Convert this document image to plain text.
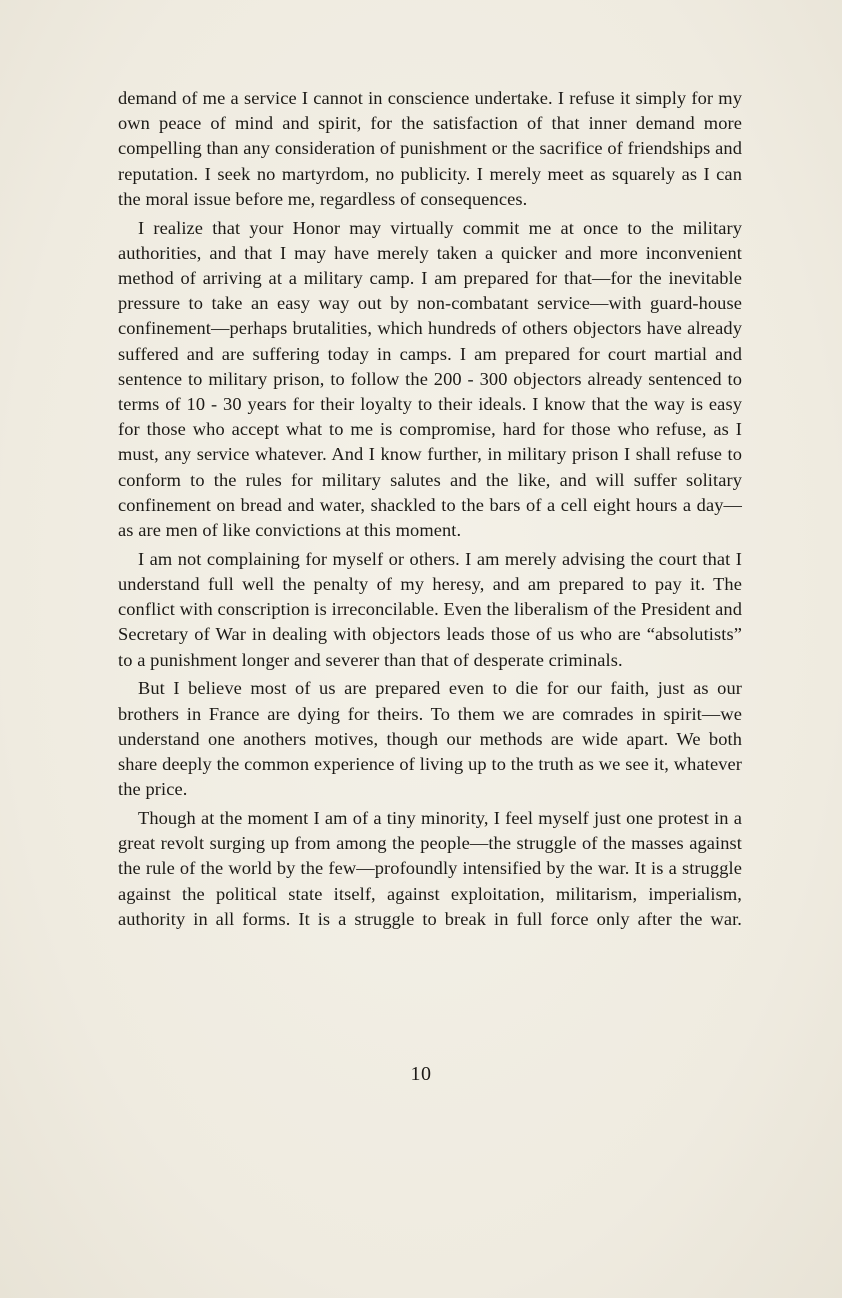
demand of me a service I cannot in conscience undertake. I refuse it simply for my own peace of mind and spirit, for the satisfaction of that inner demand more compelling than any consideration of punishment or the sacrifice of friendships and reputation. I seek no martyrdom, no publicity. I merely meet as squarely as I can the moral issue before me, regardless of consequences.

I realize that your Honor may virtually commit me at once to the military authorities, and that I may have merely taken a quicker and more inconvenient method of arriving at a military camp. I am prepared for that—for the inevitable pressure to take an easy way out by non-combatant service—with guard-house confinement—perhaps brutalities, which hundreds of others objectors have already suffered and are suffering today in camps. I am prepared for court martial and sentence to military prison, to follow the 200 - 300 objectors already sentenced to terms of 10 - 30 years for their loyalty to their ideals. I know that the way is easy for those who accept what to me is compromise, hard for those who refuse, as I must, any service whatever. And I know further, in military prison I shall refuse to conform to the rules for military salutes and the like, and will suffer solitary confinement on bread and water, shackled to the bars of a cell eight hours a day—as are men of like convictions at this moment.

I am not complaining for myself or others. I am merely advising the court that I understand full well the penalty of my heresy, and am prepared to pay it. The conflict with conscription is irreconcilable. Even the liberalism of the President and Secretary of War in dealing with objectors leads those of us who are “absolutists” to a punishment longer and severer than that of desperate criminals.

But I believe most of us are prepared even to die for our faith, just as our brothers in France are dying for theirs. To them we are comrades in spirit—we understand one anothers motives, though our methods are wide apart. We both share deeply the common experience of living up to the truth as we see it, whatever the price.

Though at the moment I am of a tiny minority, I feel myself just one protest in a great revolt surging up from among the people—the struggle of the masses against the rule of the world by the few—profoundly intensified by the war. It is a struggle against the political state itself, against exploitation, militarism, imperialism, authority in all forms. It is a struggle to break in full force only after the war.

10
